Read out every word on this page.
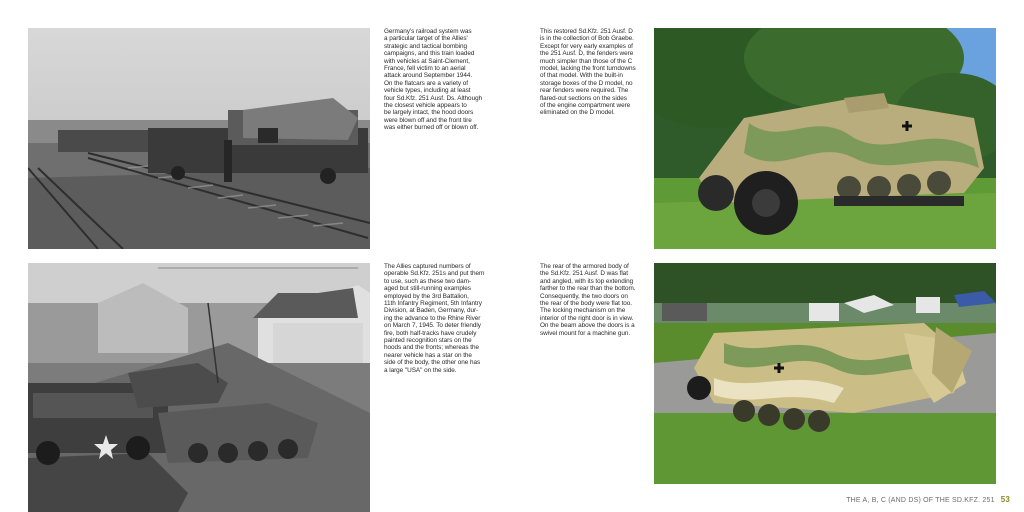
Germany's railroad system was
a particular target of the Allies'
strategic and tactical bombing
campaigns, and this train loaded
with vehicles at Saint-Clement,
France, fell victim to an aerial
attack around September 1944.
On the flatcars are a variety of
vehicle types, including at least
four Sd.Kfz. 251 Ausf. Ds. Although
the closest vehicle appears to
be largely intact, the hood doors
were blown off and the front tire
was either burned off or blown off.
This restored Sd.Kfz. 251 Ausf. D
is in the collection of Bob Graebe.
Except for very early examples of
the 251 Ausf. D, the fenders were
much simpler than those of the C
model, lacking the front turndowns
of that model. With the built-in
storage boxes of the D model, no
rear fenders were required. The
flared-out sections on the sides
of the engine compartment were
eliminated on the D model.
The Allies captured numbers of
operable Sd.Kfz. 251s and put them
to use, such as these two dam-
aged but still-running examples
employed by the 3rd Battalion,
11th Infantry Regiment, 5th Infantry
Division, at Baden, Germany, dur-
ing the advance to the Rhine River
on March 7, 1945. To deter friendly
fire, both half-tracks have crudely
painted recognition stars on the
hoods and the fronts; whereas the
nearer vehicle has a star on the
side of the body, the other one has
a large "USA" on the side.
The rear of the armored body of
the Sd.Kfz. 251 Ausf. D was flat
and angled, with its top extending
farther to the rear than the bottom.
Consequently, the two doors on
the rear of the body were flat too.
The locking mechanism on the
interior of the right door is in view.
On the beam above the doors is a
swivel mount for a machine gun.
THE A, B, C (AND DS) OF THE SD.KFZ. 251 53
